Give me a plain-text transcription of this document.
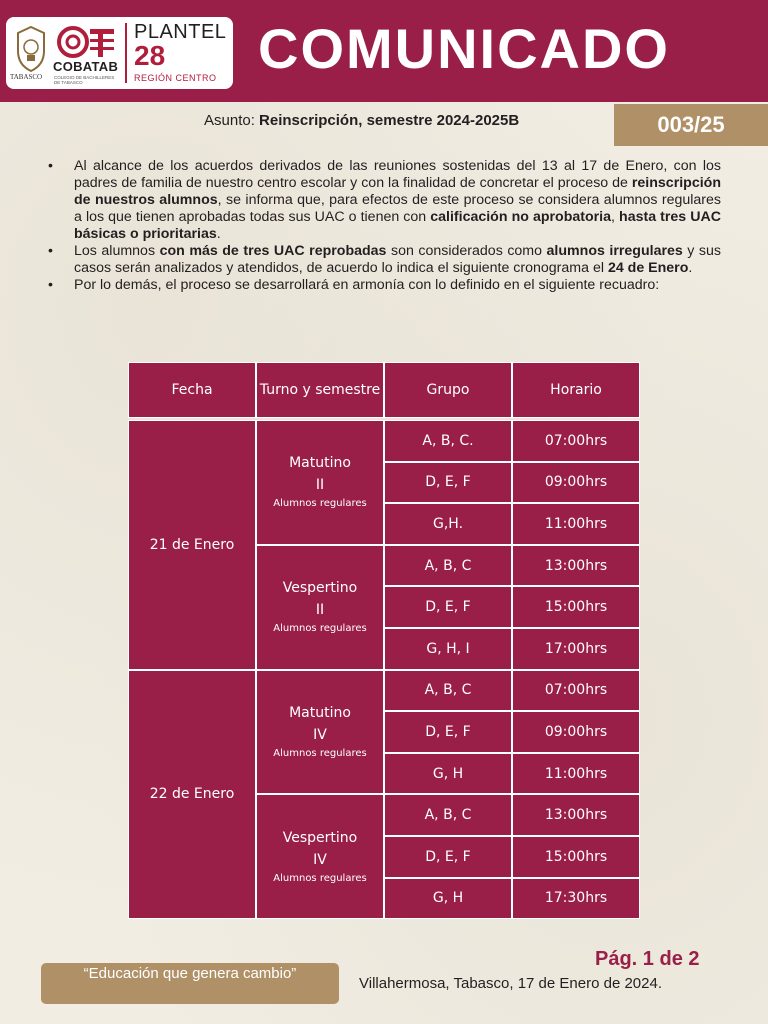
TABASCO
COBATAB
COLEGIO DE BACHILLERES DE TABASCO
PLANTEL
28
REGIÓN CENTRO COMUNICADO
Asunto: Reinscripción, semestre 2024-2025B	003/25
• Al alcance de los acuerdos derivados de las reuniones sostenidas del 13 al 17 de Enero, con los padres de familia de nuestro centro escolar y con la finalidad de concretar el proceso de reinscripción de nuestros alumnos, se informa que, para efectos de este proceso se considera alumnos regulares a los que tienen aprobadas todas sus UAC o tienen con calificación no aprobatoria, hasta tres UAC básicas o prioritarias.
• Los alumnos con más de tres UAC reprobadas son considerados como alumnos irregulares y sus casos serán analizados y atendidos, de acuerdo lo indica el siguiente cronograma el 24 de Enero.
• Por lo demás, el proceso se desarrollará en armonía con lo definido en el siguiente recuadro:
Fecha	Turno y semestre	Grupo	Horario

21 de Enero	Matutino
II
Alumnos regulares	A, B, C.	07:00hrs
		D, E, F	09:00hrs
		G,H.	11:00hrs

	Vespertino
II
Alumnos regulares	A, B, C	13:00hrs
		D, E, F	15:00hrs
		G, H, I	17:00hrs
22 de Enero	Matutino
IV
Alumnos regulares	A, B, C	07:00hrs
		D, E, F	09:00hrs
		G, H	11:00hrs

	Vespertino
IV
Alumnos regulares	A, B, C	13:00hrs
		D, E, F	15:00hrs
		G, H	17:30hrs
Pág. 1 de 2
Villahermosa, Tabasco, 17 de Enero de 2024.
“Educación que genera cambio”
